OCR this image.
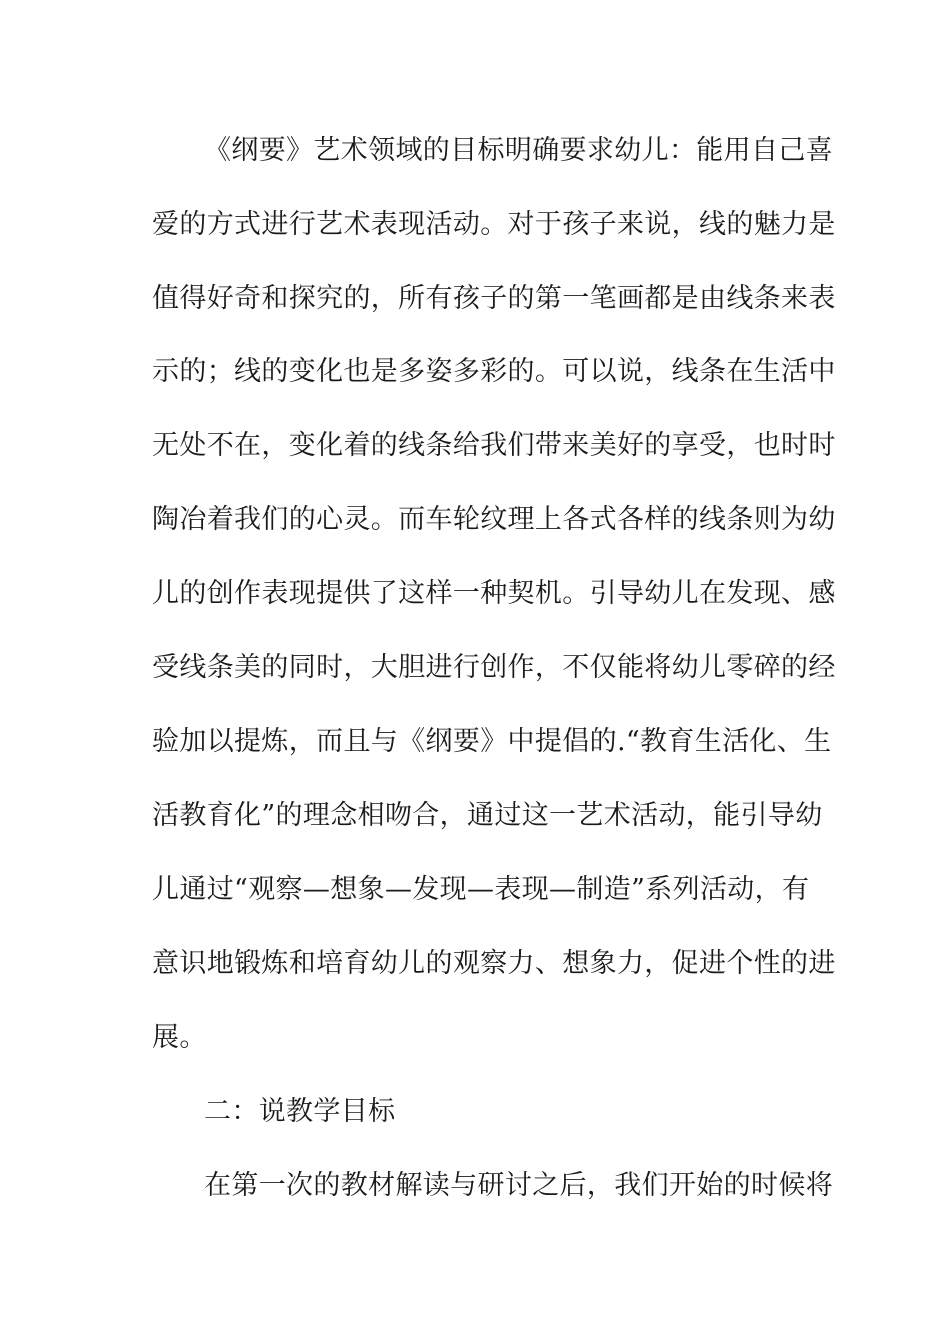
《纲要》艺术领域的目标明确要求幼儿：能用自己喜
爱的方式进行艺术表现活动。对于孩子来说，线的魅力是
值得好奇和探究的，所有孩子的第一笔画都是由线条来表
示的；线的变化也是多姿多彩的。可以说，线条在生活中
无处不在，变化着的线条给我们带来美好的享受，也时时
陶冶着我们的心灵。而车轮纹理上各式各样的线条则为幼
儿的创作表现提供了这样一种契机。引导幼儿在发现、感
受线条美的同时，大胆进行创作，不仅能将幼儿零碎的经
验加以提炼，而且与《纲要》中提倡的.“教育生活化、生
活教育化”的理念相吻合，通过这一艺术活动，能引导幼
儿通过“观察—想象—发现—表现—制造”系列活动，有
意识地锻炼和培育幼儿的观察力、想象力，促进个性的进
展。
二：说教学目标
在第一次的教材解读与研讨之后，我们开始的时候将
